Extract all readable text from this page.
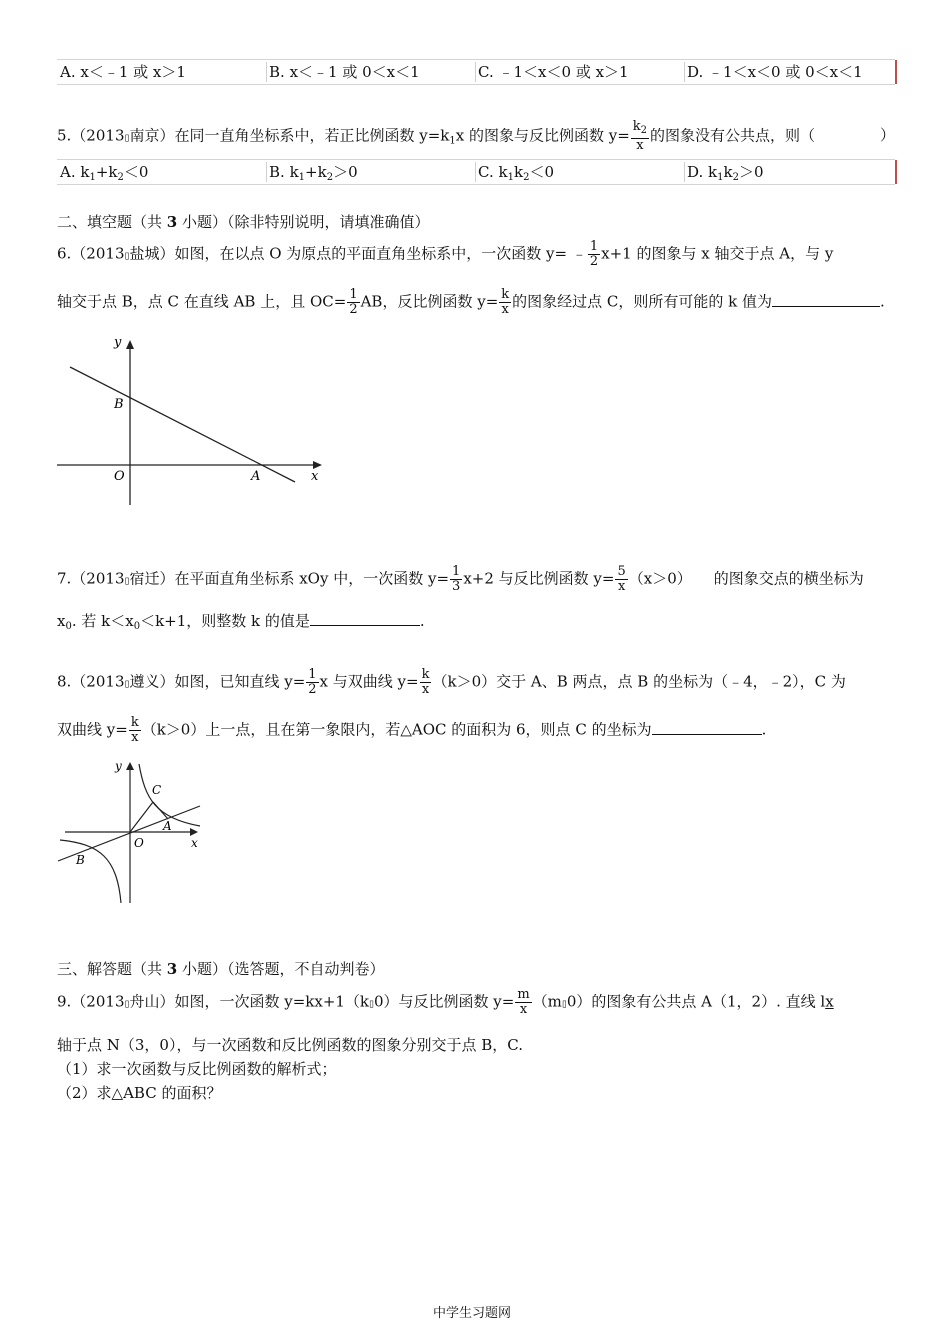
A. x＜﹣1 或 x＞1	B. x＜﹣1 或 0＜x＜1	C. ﹣1＜x＜0 或 x＞1	D. ﹣1＜x＜0 或 0＜x＜1
5.（2013▯南京）在同一直角坐标系中，若正比例函数 $y=k_1x$ 的图象与反比例函数 $y= \frac{k_2}{x}$ 的图象没有公共点，则（	）
A. $k_1+k_2<0$	B. $k_1+k_2>0$	C. $k_1k_2<0$	D. $k_1k_2>0$
二、填空题（共 3 小题）（除非特别说明，请填准确值）
6.（2013▯盐城）如图，在以点 O 为原点的平面直角坐标系中，一次函数 y= ﹣ $\frac{1}{2} x+1$ 的图象与 x 轴交于点 A，与 y
轴交于点 B，点 C 在直线 AB 上，且 $OC= \frac{1}{2}$ AB，反比例函数 $y= \frac{k}{x}$ 的图象经过点 C，则所有可能的 k 值为	.
y
x
B
O	A
7.（2013▯宿迁）在平面直角坐标系 xOy 中，一次函数 $y= \frac{1}{3} x+2$ 与反比例函数 $y= \frac{5}{x} (x>0)$ 的图象交点的横坐标为
$x_0$. 若 $k<x_0<k+1$，则整数 k 的值是	.
8.（2013▯遵义）如图，已知直线 $y= \frac{1}{2}$ x 与双曲线 $y= \frac{k}{x} (k>0)$交于 A、B 两点，点 B 的坐标为（﹣4，﹣2），C 为
双曲线 $y= \frac{k}{x} (k>0)$上一点，且在第一象限内，若△AOC 的面积为 6，则点 C 的坐标为	.
y
C
A
O	x
B
三、解答题（共 3 小题）（选答题，不自动判卷）
9.（2013▯舟山）如图，一次函数 y=kx+1（k▯0）与反比例函数 $y= \frac{m}{x}$ （m▯0）的图象有公共点 A（1，2）. 直线 lx
轴于点 N（3，0），与一次函数和反比例函数的图象分别交于点 B，C.
（1）求一次函数与反比例函数的解析式；
（2）求△ABC 的面积？
中学生习题网
